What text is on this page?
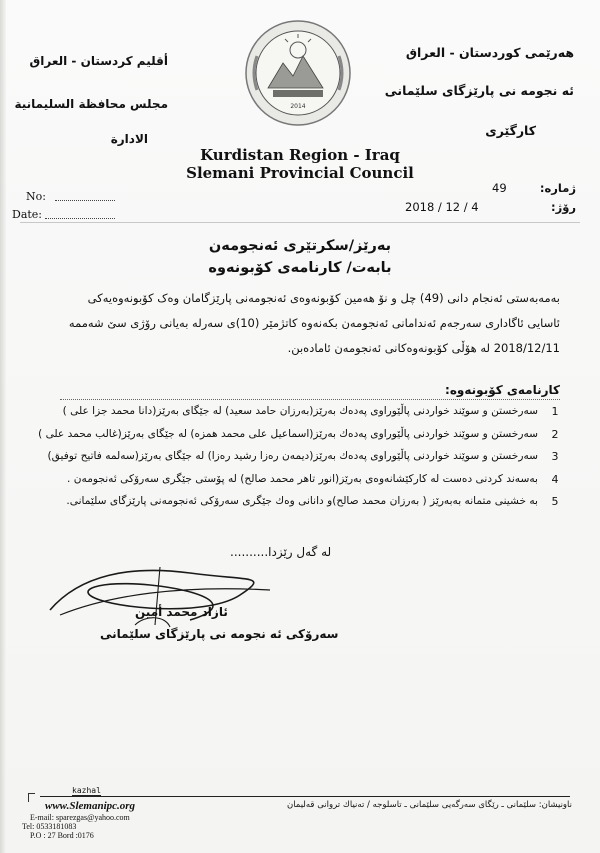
أقليم كردستان - العراق
مجلس محافظة السليمانية
الادارة
هەرێمی کوردستان - العراق
ئه نجومه نی پارێزگای سلێمانی
کارگێری
2014
Kurdistan Region - Iraq
Slemani Provincial Council
No:
Date:
ژماره:
49
رۆژ:
2018 / 12 / 4
بەرێز/سکرتێری ئەنجومەن
بابەت/ کارنامەی کۆبونەوە
بەمەبەستی ئەنجام دانی (49) چل و نۆ هەمین کۆبونەوەی ئەنجومەنی پارێزگامان وەک کۆبونەوەیەکی
ئاسایی ئاگاداری سەرجەم ئەندامانی ئەنجومەن بکەنەوە کاتژمێر (10)ی سەرلە بەیانی رۆژی سێ شەممە
2018/12/11 لە هۆڵی کۆبونەوەکانی ئەنجومەن ئامادەبن.
کارنامەی کۆبونەوە:
1
سەرخستن و سوێند خواردنی پاڵێوراوی پەدەك بەرێز(بەرزان حامد سعید) لە جێگای بەرێز(دانا محمد جزا علی )
2
سەرخستن و سوێند خواردنی پاڵێوراوی پەدەك بەرێز(اسماعیل علی محمد همزە) لە جێگای بەرێز(غالب محمد علی )
3
سەرخستن و سوێند خواردنی پاڵێوراوی پەدەك بەرێز(دیمەن رەزا رشید رەزا) لە جێگای بەرێز(سەلمە فاتیح توفیق)
4
بەسەند کردنی دەست لە کارکێشانەوەی بەرێز(انور تاهر محمد صالح) لە پۆستی جێگری سەرۆکی ئەنجومەن .
5
بە خشینی متمانە بەبەرێز ( بەرزان محمد صالح)و دانانی وەك جێگری سەرۆکی ئەنجومەنی پارێزگای سلێمانی.
لە گەل رێزدا..........
ئازاد محمد أمین
سەرۆکی ئه نجومه نی پارێزگای سلێمانی
kazhal
www.Slemanipc.org	ناونیشان: سلێمانی ـ رێگای سەرگەیی سلێمانی ـ تاسلوجە / تەنیاك تروانی قەلیمان
E-mail: sparezgas@yahoo.com
Tel: 0533181083
P.O : 27 Bord :0176
